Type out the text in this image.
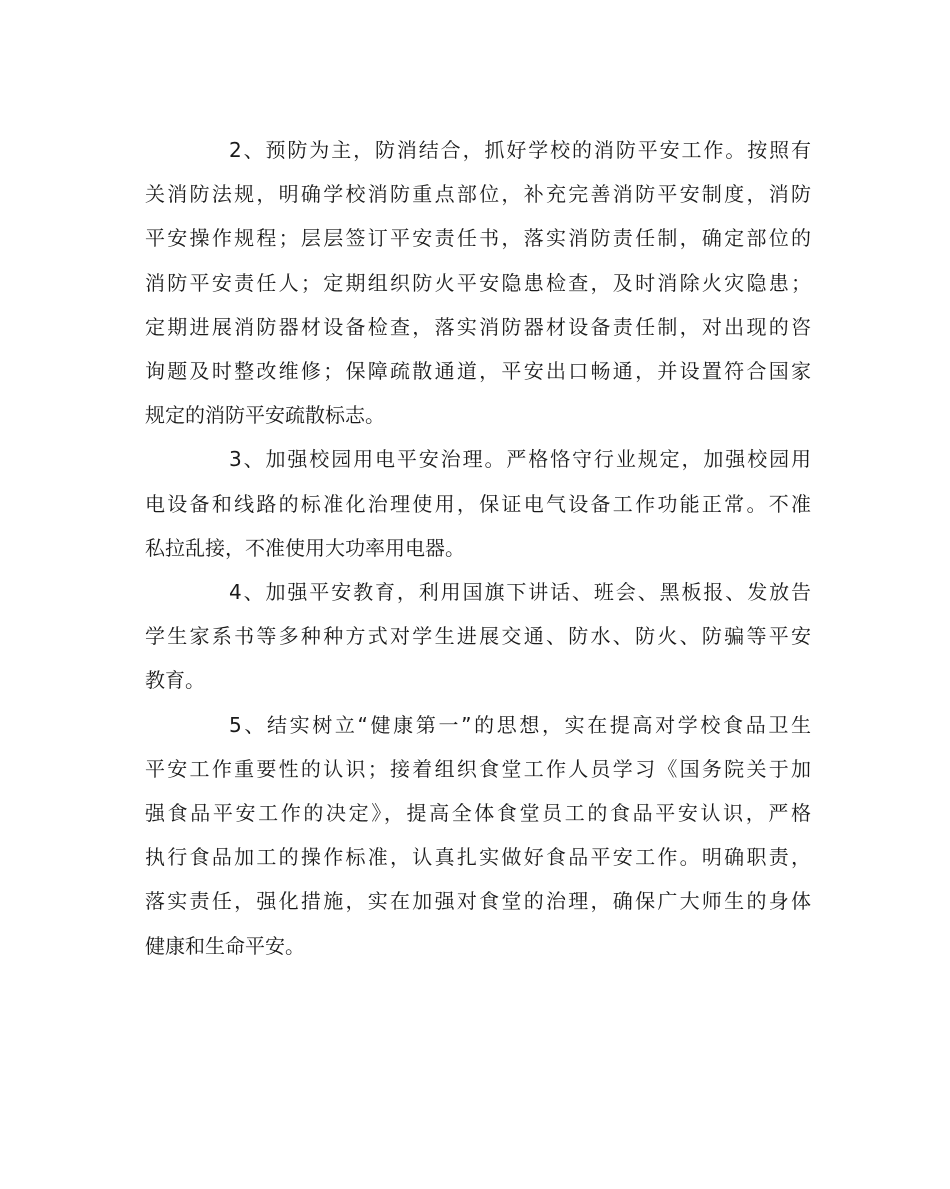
2、预防为主，防消结合，抓好学校的消防平安工作。按照有
关消防法规，明确学校消防重点部位，补充完善消防平安制度，消防
平安操作规程；层层签订平安责任书，落实消防责任制，确定部位的
消防平安责任人；定期组织防火平安隐患检查，及时消除火灾隐患；
定期进展消防器材设备检查，落实消防器材设备责任制，对出现的咨
询题及时整改维修；保障疏散通道，平安出口畅通，并设置符合国家
规定的消防平安疏散标志。

3、加强校园用电平安治理。严格恪守行业规定，加强校园用
电设备和线路的标准化治理使用，保证电气设备工作功能正常。不准
私拉乱接，不准使用大功率用电器。

4、加强平安教育，利用国旗下讲话、班会、黑板报、发放告
学生家系书等多种种方式对学生进展交通、防水、防火、防骗等平安
教育。

5、结实树立“健康第一”的思想，实在提高对学校食品卫生
平安工作重要性的认识；接着组织食堂工作人员学习《国务院关于加
强食品平安工作的决定》，提高全体食堂员工的食品平安认识，严格
执行食品加工的操作标准，认真扎实做好食品平安工作。明确职责，
落实责任，强化措施，实在加强对食堂的治理，确保广大师生的身体
健康和生命平安。
